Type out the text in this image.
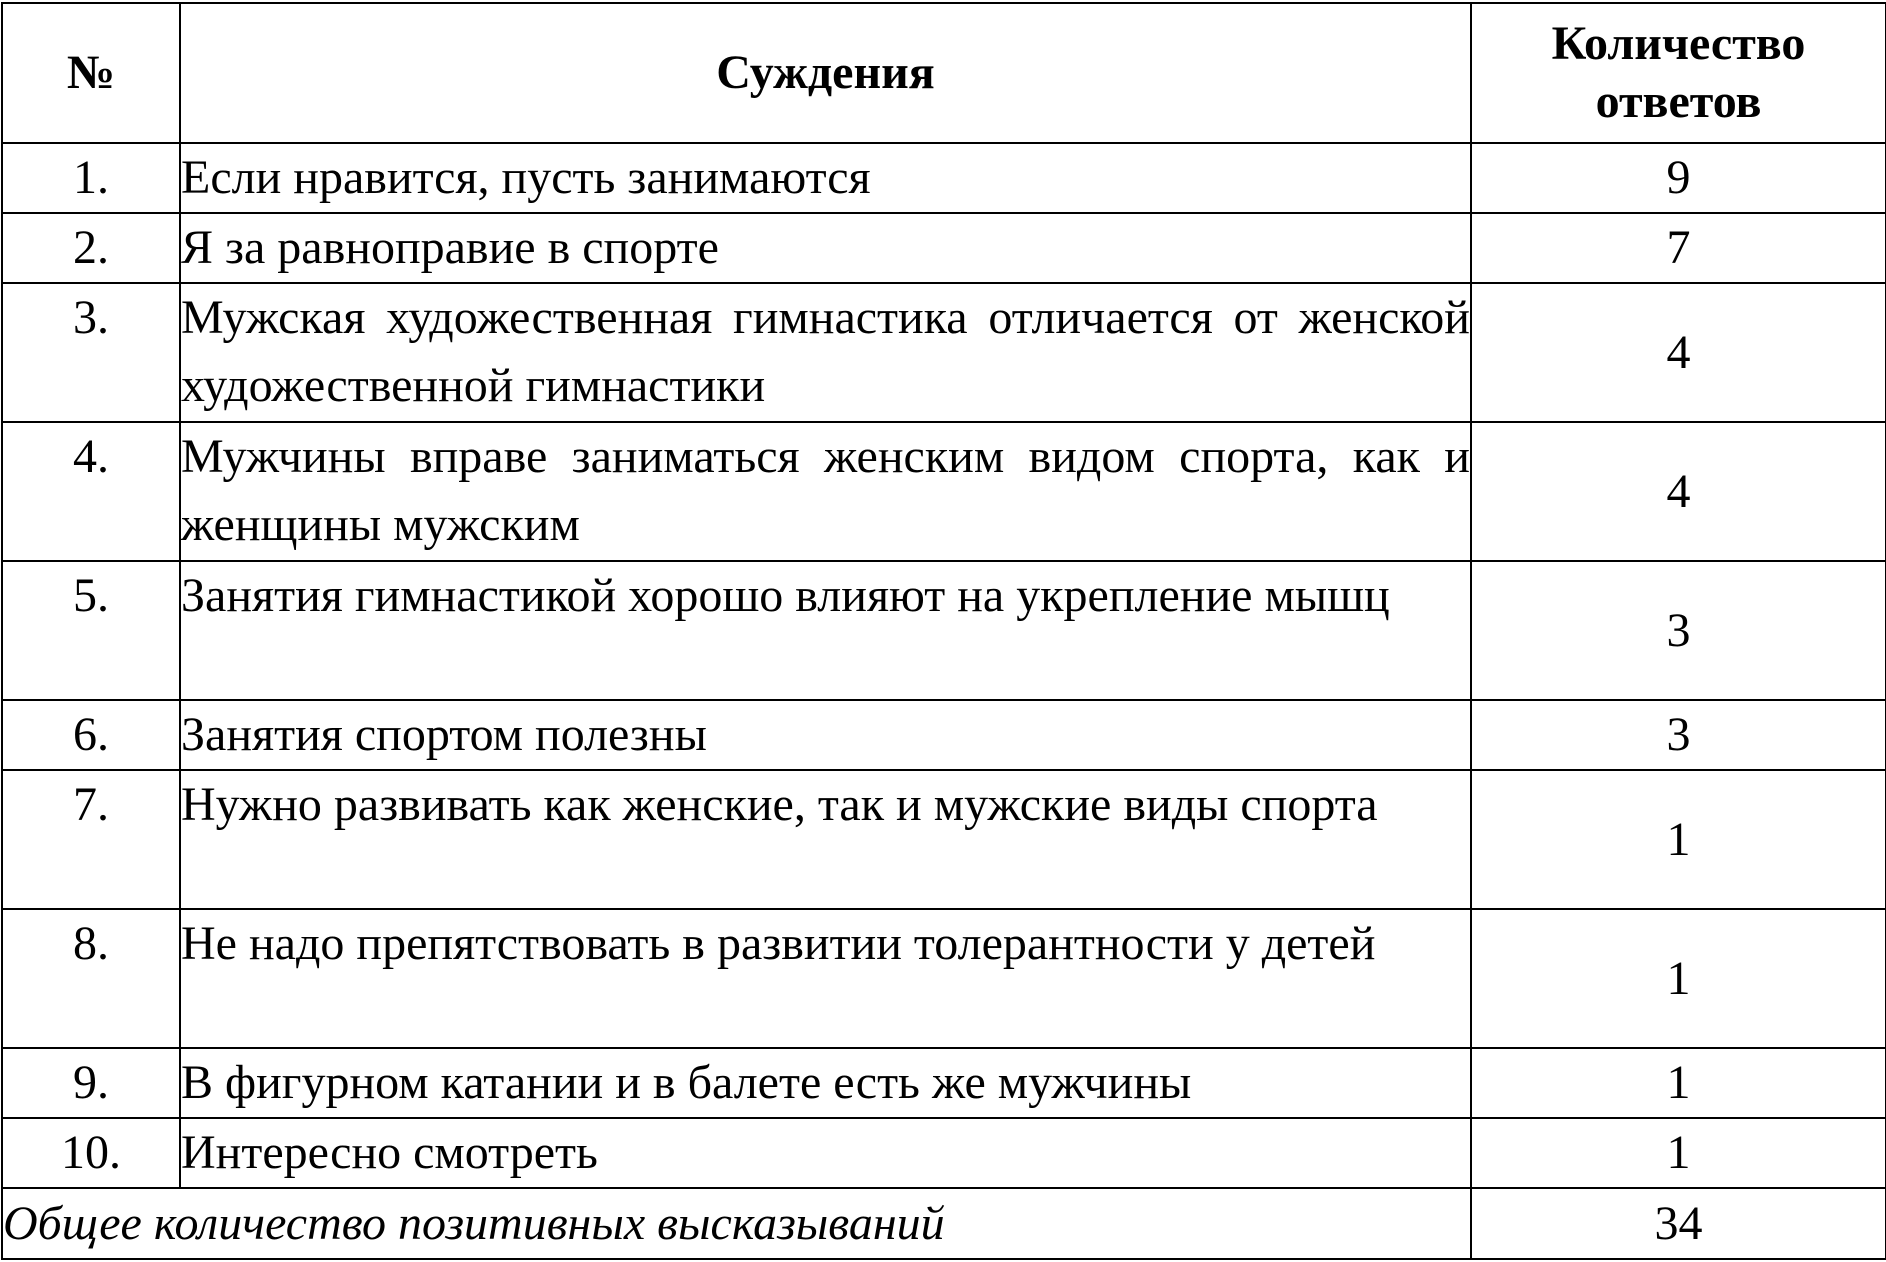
№	Суждения	Количество
ответов
1.	Если нравится, пусть занимаются	9
2.	Я за равноправие в спорте	7
3.	Мужская художественная гимнастика отличается от женской художественной гимнастики	4
4.	Мужчины вправе заниматься женским видом спорта, как и женщины мужским	4
5.	Занятия гимнастикой хорошо влияют на укрепление мышц	3
6.	Занятия спортом полезны	3
7.	Нужно развивать как женские, так и мужские виды спорта	1
8.	Не надо препятствовать в развитии толерантности у детей	1
9.	В фигурном катании и в балете есть же мужчины	1
10.	Интересно смотреть	1
Общее количество позитивных высказываний		34
